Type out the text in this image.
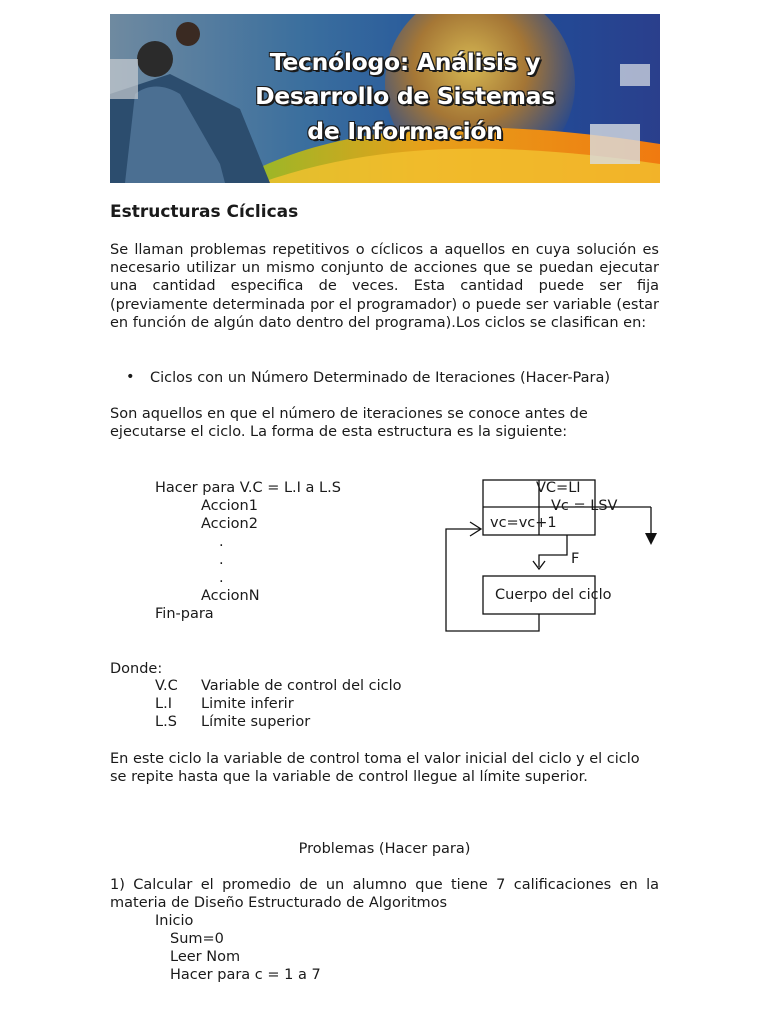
Tecnólogo: Análisis y
Desarrollo de Sistemas
de Información
Estructuras Cíclicas
Se llaman problemas repetitivos o cíclicos a aquellos en cuya solución es necesario utilizar un mismo conjunto de acciones que se puedan ejecutar una cantidad especifica de veces. Esta cantidad puede ser fija (previamente determinada por el programador) o puede ser variable (estar en función de algún dato dentro del programa).Los ciclos se clasifican en:
• Ciclos con un Número Determinado de Iteraciones (Hacer-Para)
Son aquellos en que el número de iteraciones se conoce antes de ejecutarse el ciclo. La forma de esta estructura es la siguiente:
Hacer para V.C = L.I a L.S
Accion1
Accion2
.
.
.
AccionN
Fin-para
VC=LI
Vc = LSV
vc=vc+1
F
Cuerpo del ciclo
Donde:
V.C Variable de control del ciclo
L.I Limite inferir
L.S Límite superior
En este ciclo la variable de control toma el valor inicial del ciclo y el ciclo se repite hasta que la variable de control llegue al límite superior.
Problemas (Hacer para)
1) Calcular el promedio de un alumno que tiene 7 calificaciones en la materia de Diseño Estructurado de Algoritmos
Inicio
Sum=0
Leer Nom
Hacer para c = 1 a 7
